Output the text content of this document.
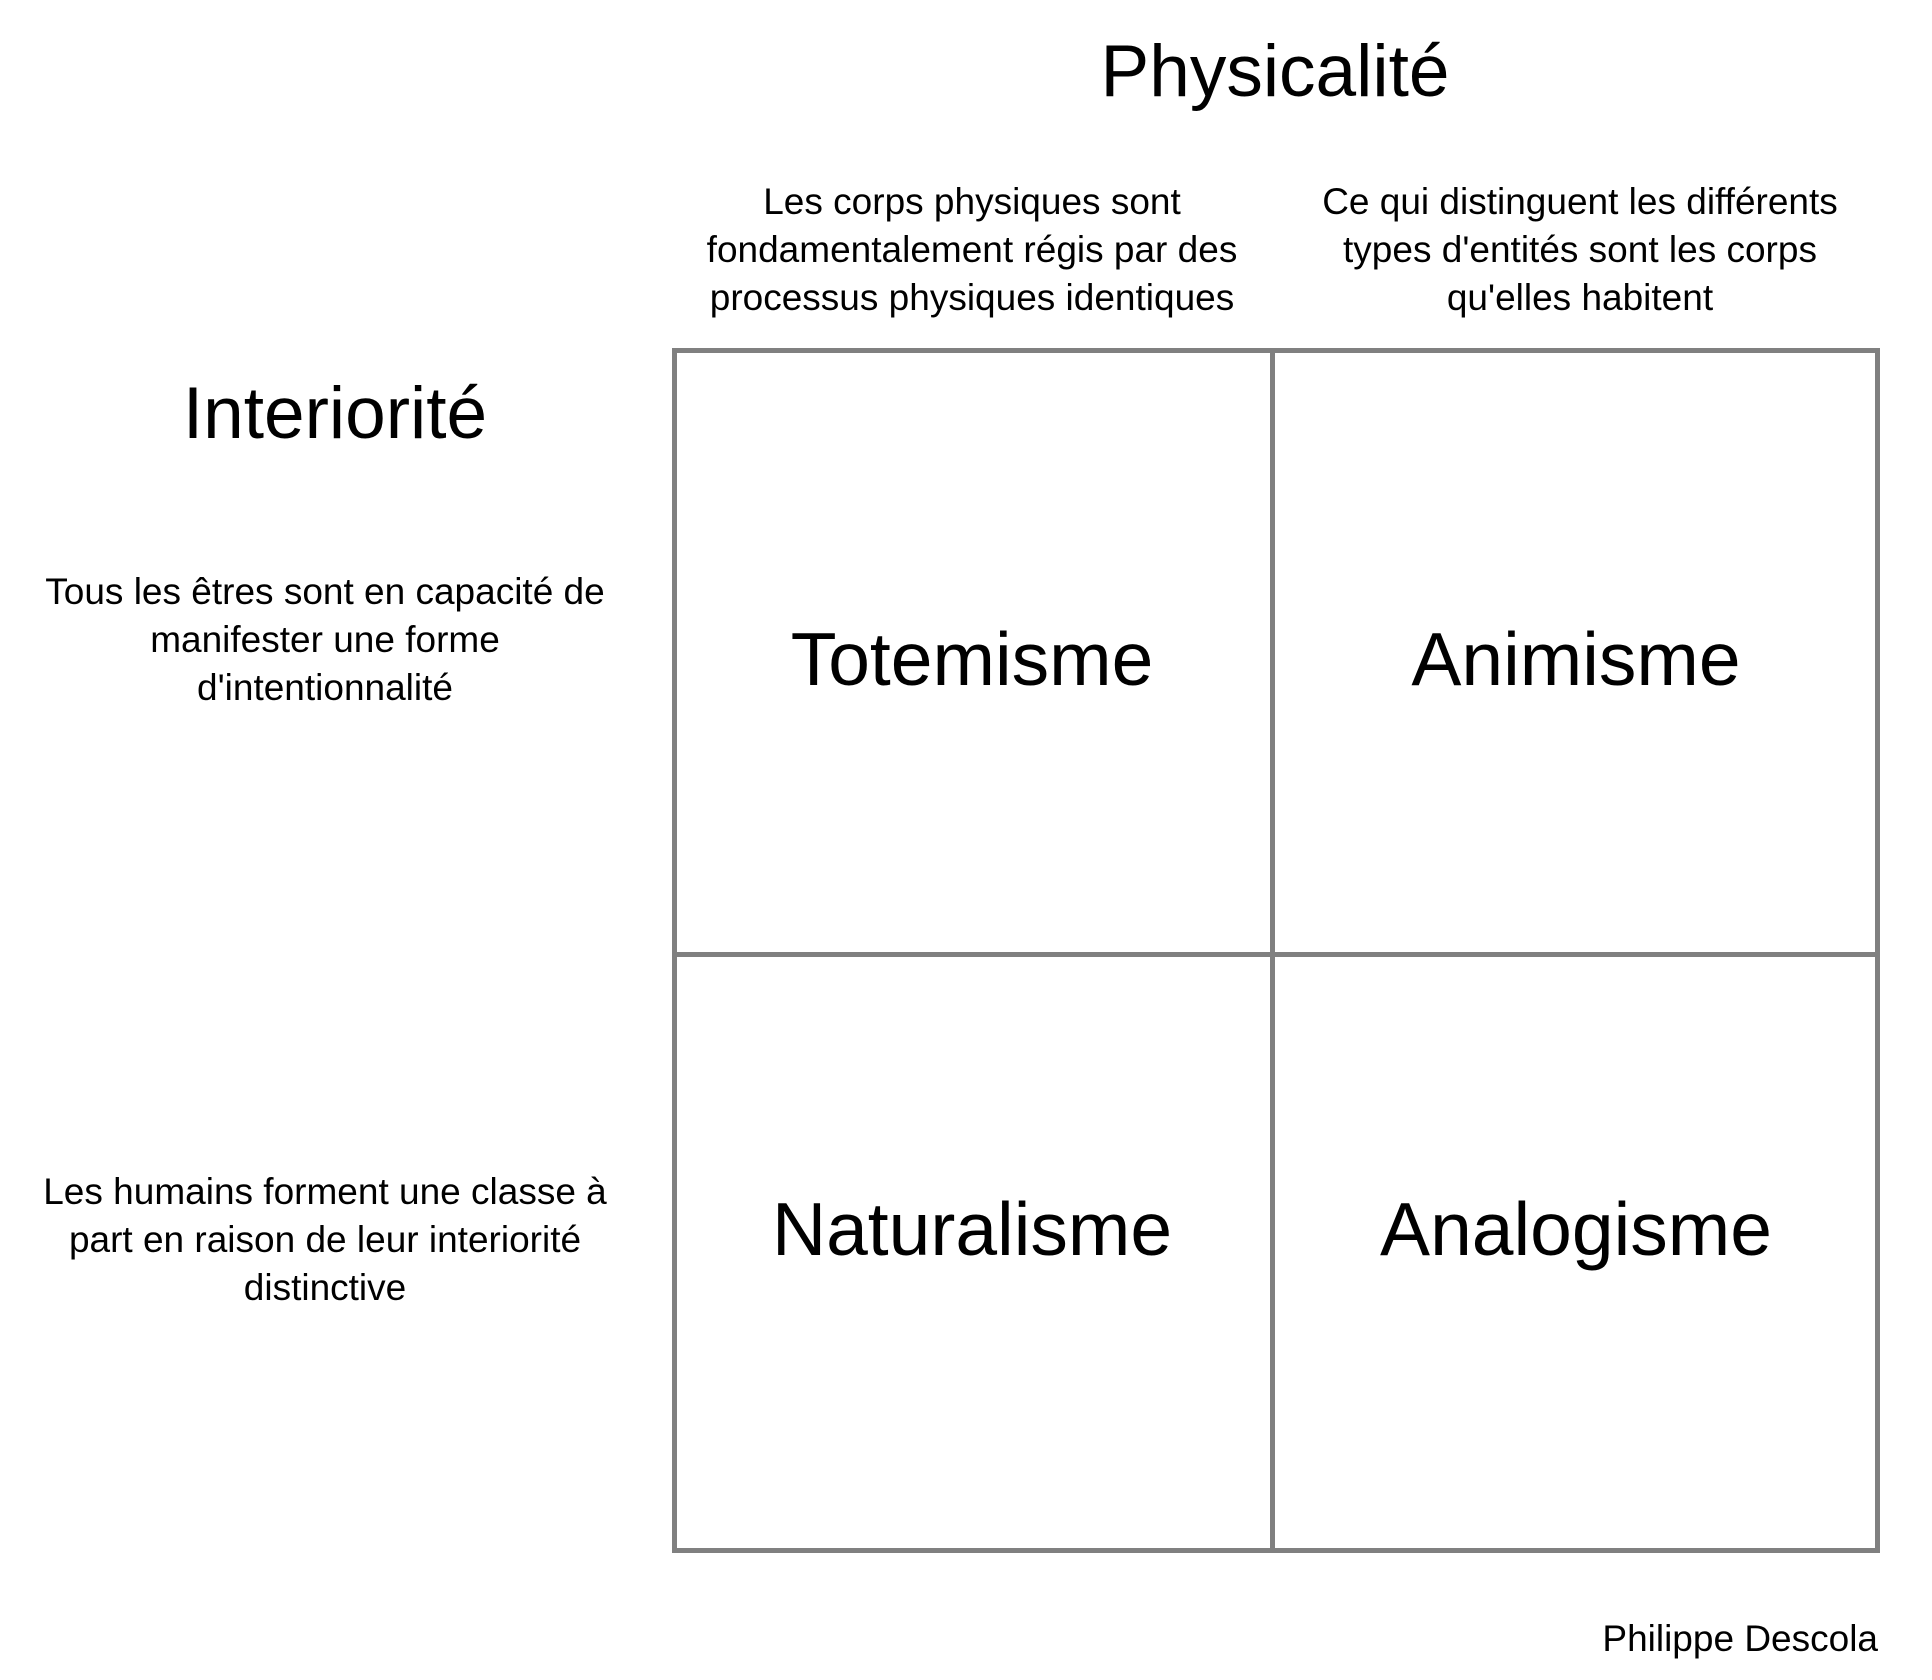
Physicalité
Les corps physiques sont
fondamentalement régis par des
processus physiques identiques
Ce qui distinguent les différents
types d'entités sont les corps
qu'elles habitent
Interiorité
Tous les êtres sont en capacité de
manifester une forme
d'intentionnalité
Les humains forment une classe à
part en raison de leur interiorité
distinctive
Totemisme	Animisme
Naturalisme	Analogisme
Philippe Descola
